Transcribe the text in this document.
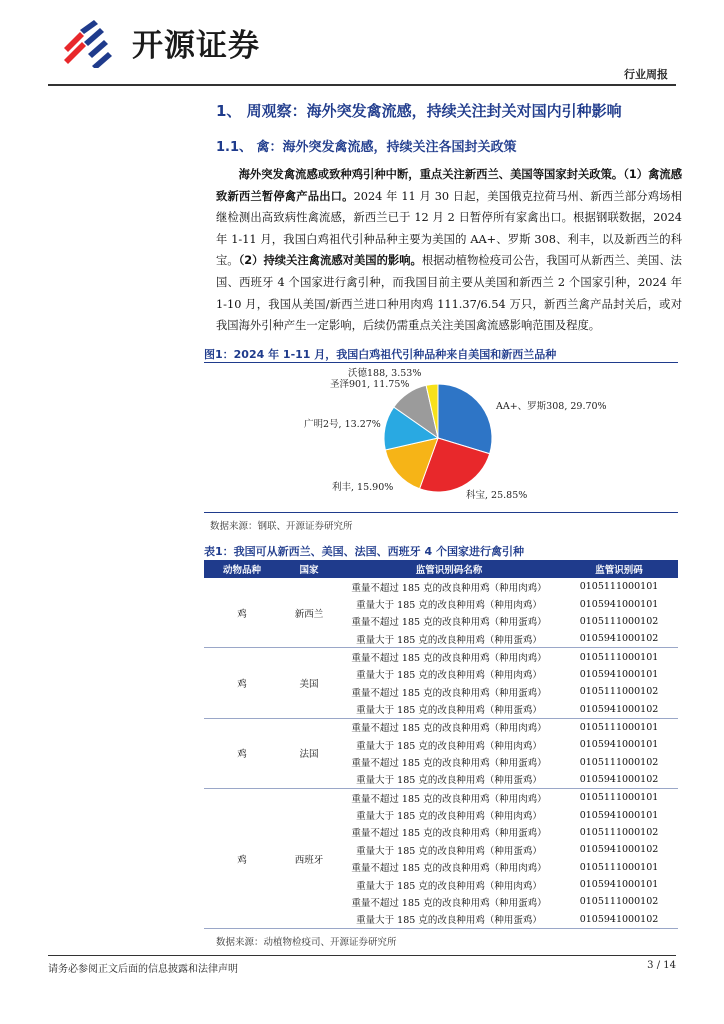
开源证券
行业周报
1、 周观察：海外突发禽流感，持续关注封关对国内引种影响
1.1、 禽：海外突发禽流感，持续关注各国封关政策
海外突发禽流感或致种鸡引种中断，重点关注新西兰、美国等国家封关政策。（1）禽流感致新西兰暂停禽产品出口。2024 年 11 月 30 日起，美国俄克拉荷马州、新西兰部分鸡场相继检测出高致病性禽流感，新西兰已于 12 月 2 日暂停所有家禽出口。根据钢联数据，2024 年 1-11 月，我国白鸡祖代引种品种主要为美国的 AA+、罗斯 308、利丰，以及新西兰的科宝。（2）持续关注禽流感对美国的影响。根据动植物检疫司公告，我国可从新西兰、美国、法国、西班牙 4 个国家进行禽引种，而我国目前主要从美国和新西兰 2 个国家引种，2024 年 1-10 月，我国从美国/新西兰进口种用肉鸡 111.37/6.54 万只，新西兰禽产品封关后，或对我国海外引种产生一定影响，后续仍需重点关注美国禽流感影响范围及程度。
图1：2024 年 1-11 月，我国白鸡祖代引种品种来自美国和新西兰品种
AA+、罗斯308, 29.70%
科宝, 25.85%
利丰, 15.90%
广明2号, 13.27%
圣泽901, 11.75%
沃德188, 3.53%
数据来源：钢联、开源证券研究所
表1：我国可从新西兰、美国、法国、西班牙 4 个国家进行禽引种
动物品种	国家	监管识别码名称	监管识别码
鸡	新西兰
重量不超过 185 克的改良种用鸡（种用肉鸡）	0105111000101
重量大于 185 克的改良种用鸡（种用肉鸡）	0105941000101
重量不超过 185 克的改良种用鸡（种用蛋鸡）	0105111000102
重量大于 185 克的改良种用鸡（种用蛋鸡）	0105941000102
鸡	美国
重量不超过 185 克的改良种用鸡（种用肉鸡）	0105111000101
重量大于 185 克的改良种用鸡（种用肉鸡）	0105941000101
重量不超过 185 克的改良种用鸡（种用蛋鸡）	0105111000102
重量大于 185 克的改良种用鸡（种用蛋鸡）	0105941000102
鸡	法国
重量不超过 185 克的改良种用鸡（种用肉鸡）	0105111000101
重量大于 185 克的改良种用鸡（种用肉鸡）	0105941000101
重量不超过 185 克的改良种用鸡（种用蛋鸡）	0105111000102
重量大于 185 克的改良种用鸡（种用蛋鸡）	0105941000102
鸡	西班牙
重量不超过 185 克的改良种用鸡（种用肉鸡）	0105111000101
重量大于 185 克的改良种用鸡（种用肉鸡）	0105941000101
重量不超过 185 克的改良种用鸡（种用蛋鸡）	0105111000102
重量大于 185 克的改良种用鸡（种用蛋鸡）	0105941000102
重量不超过 185 克的改良种用鸡（种用肉鸡）	0105111000101
重量大于 185 克的改良种用鸡（种用肉鸡）	0105941000101
重量不超过 185 克的改良种用鸡（种用蛋鸡）	0105111000102
重量大于 185 克的改良种用鸡（种用蛋鸡）	0105941000102
数据来源：动植物检疫司、开源证券研究所
请务必参阅正文后面的信息披露和法律声明	3 / 14
